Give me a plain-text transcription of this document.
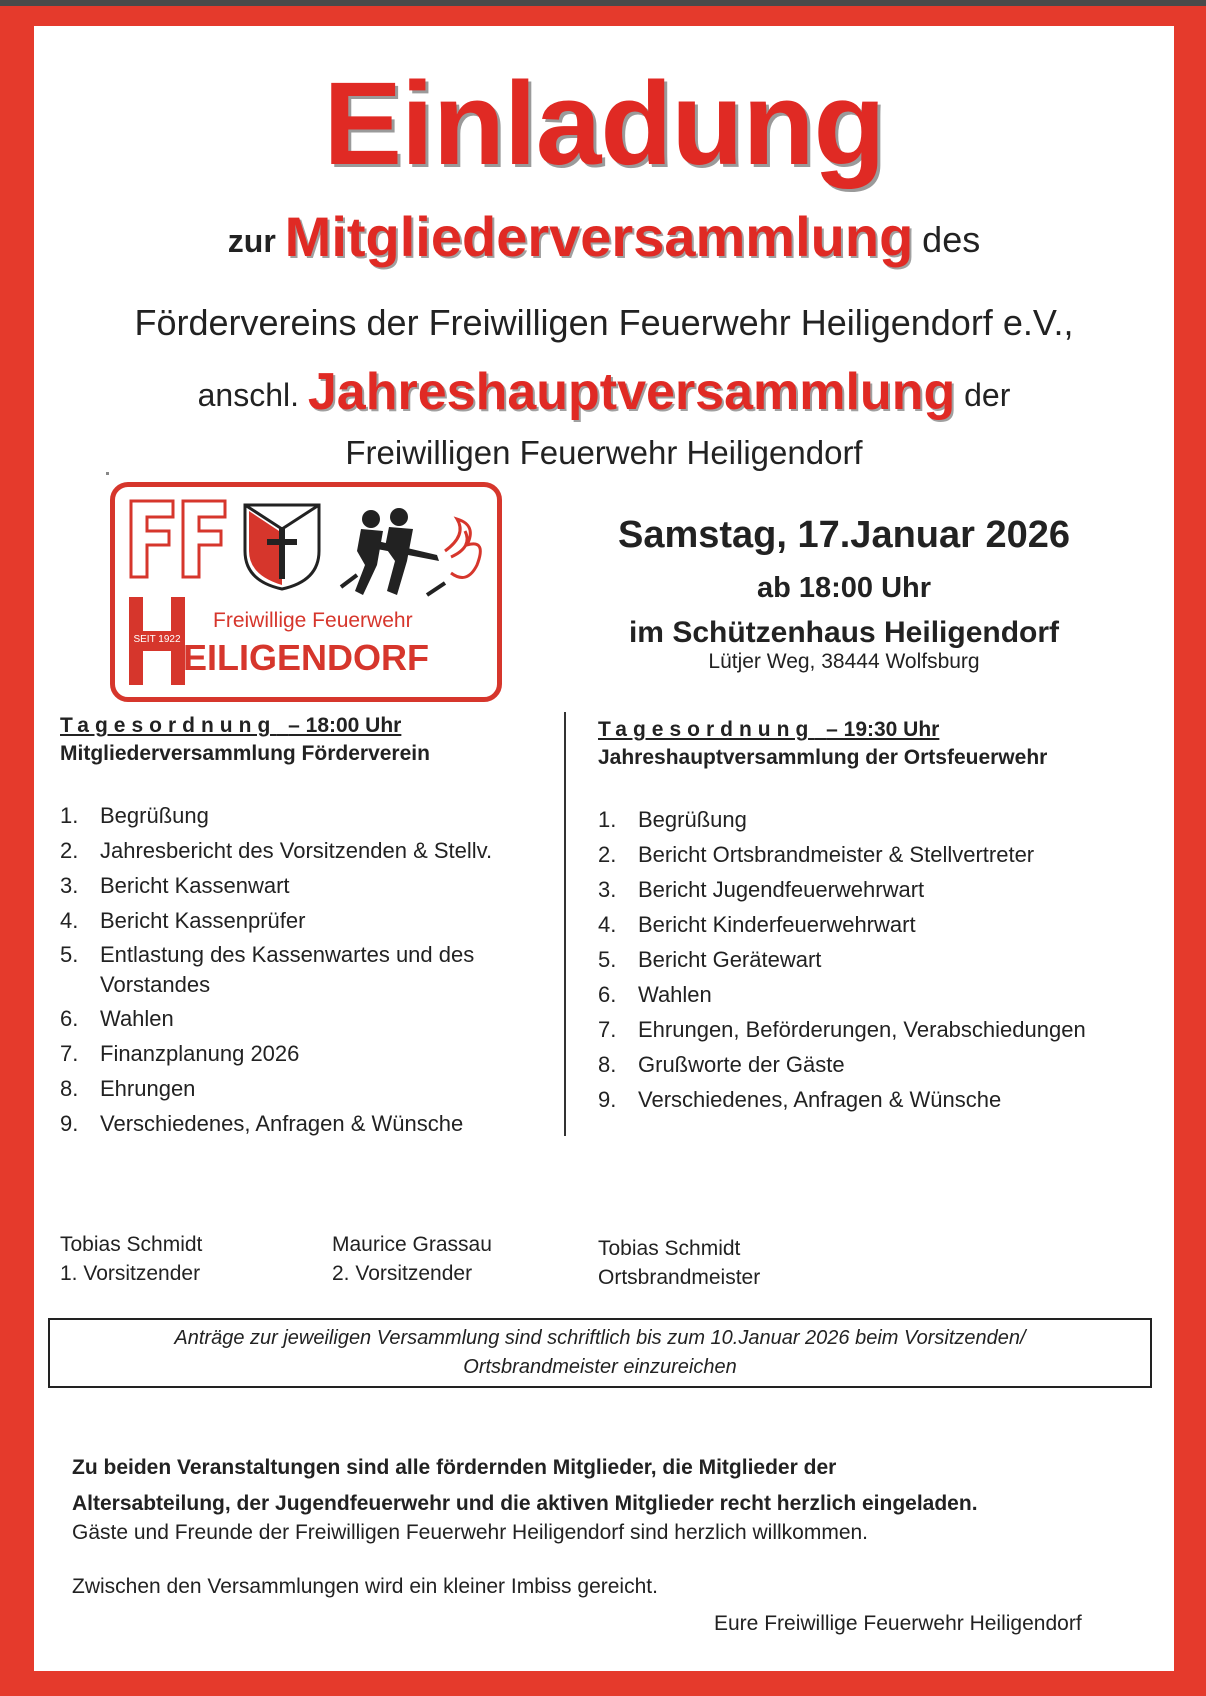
Einladung
zur Mitgliederversammlung des
Fördervereins der Freiwilligen Feuerwehr Heiligendorf e.V.,
anschl. Jahreshauptversammlung der
Freiwilligen Feuerwehr Heiligendorf
SEIT 1922
Freiwillige Feuerwehr
EILIGENDORF
Samstag, 17.Januar 2026
ab 18:00 Uhr
im Schützenhaus Heiligendorf
Lütjer Weg, 38444 Wolfsburg
Tagesordnung – 18:00 Uhr
Mitgliederversammlung Förderverein
1. Begrüßung
2. Jahresbericht des Vorsitzenden & Stellv.
3. Bericht Kassenwart
4. Bericht Kassenprüfer
5. Entlastung des Kassenwartes und des Vorstandes
6. Wahlen
7. Finanzplanung 2026
8. Ehrungen
9. Verschiedenes, Anfragen & Wünsche
Tagesordnung – 19:30 Uhr
Jahreshauptversammlung der Ortsfeuerwehr
1. Begrüßung
2. Bericht Ortsbrandmeister & Stellvertreter
3. Bericht Jugendfeuerwehrwart
4. Bericht Kinderfeuerwehrwart
5. Bericht Gerätewart
6. Wahlen
7. Ehrungen, Beförderungen, Verabschiedungen
8. Grußworte der Gäste
9. Verschiedenes, Anfragen & Wünsche
Tobias Schmidt
1. Vorsitzender
Maurice Grassau
2. Vorsitzender
Tobias Schmidt
Ortsbrandmeister
Anträge zur jeweiligen Versammlung sind schriftlich bis zum 10.Januar 2026 beim Vorsitzenden/
Ortsbrandmeister einzureichen
Zu beiden Veranstaltungen sind alle fördernden Mitglieder, die Mitglieder der
Altersabteilung, der Jugendfeuerwehr und die aktiven Mitglieder recht herzlich eingeladen.
Gäste und Freunde der Freiwilligen Feuerwehr Heiligendorf sind herzlich willkommen.
Zwischen den Versammlungen wird ein kleiner Imbiss gereicht.
Eure Freiwillige Feuerwehr Heiligendorf
